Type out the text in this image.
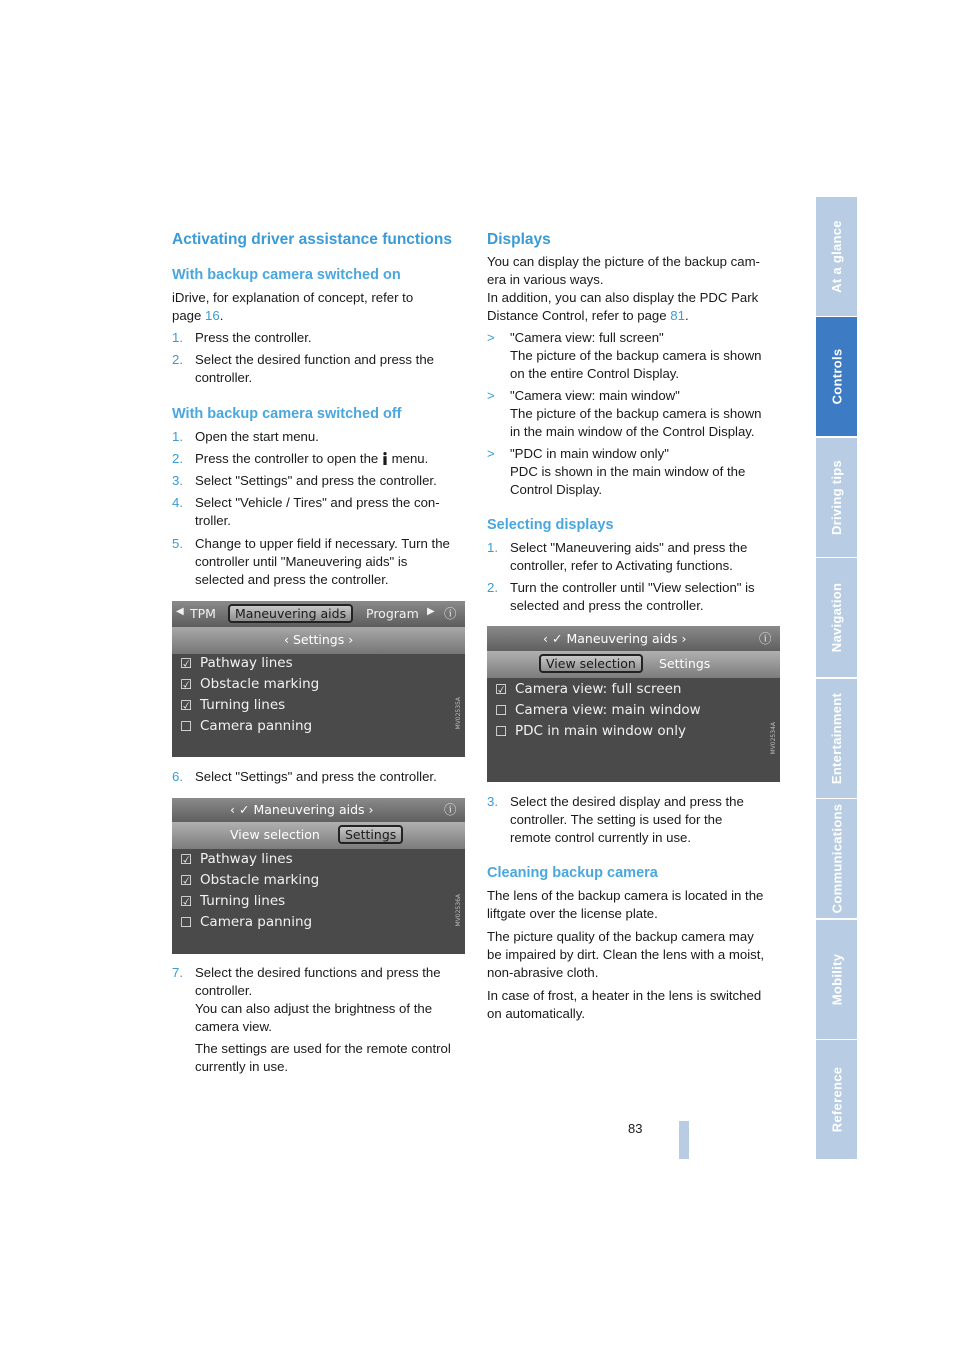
Activating driver assistance functions
With backup camera switched on
iDrive, for explanation of concept, refer to
page 16.
1. Press the controller.
2. Select the desired function and press the
controller.
With backup camera switched off
1. Open the start menu.
2. Press the controller to open the menu.
3. Select "Settings" and press the controller.
4. Select "Vehicle / Tires" and press the con-
troller.
5. Change to upper field if necessary. Turn the
controller until "Maneuvering aids" is
selected and press the controller.
◀ TPM	Maneuvering aids	Program ▶ ⓘ
‹ Settings ›
☑ Pathway lines
☑ Obstacle marking
☑ Turning lines
☐ Camera panning	MV02535A
6. Select "Settings" and press the controller.
‹ ✓ Maneuvering aids ›	ⓘ
View selection	Settings
☑ Pathway lines
☑ Obstacle marking
☑ Turning lines
☐ Camera panning	MV02536A
7. Select the desired functions and press the
controller.
You can also adjust the brightness of the
camera view.
The settings are used for the remote control
currently in use.
Displays
You can display the picture of the backup cam-
era in various ways.
In addition, you can also display the PDC Park
Distance Control, refer to page 81.
> "Camera view: full screen"
The picture of the backup camera is shown
on the entire Control Display.
> "Camera view: main window"
The picture of the backup camera is shown
in the main window of the Control Display.
> "PDC in main window only"
PDC is shown in the main window of the
Control Display.
Selecting displays
1. Select "Maneuvering aids" and press the
controller, refer to Activating functions.
2. Turn the controller until "View selection" is
selected and press the controller.
‹ ✓ Maneuvering aids ›	ⓘ
View selection	Settings
☑ Camera view: full screen
☐ Camera view: main window
☐ PDC in main window only	MV02534A
3. Select the desired display and press the
controller. The setting is used for the
remote control currently in use.
Cleaning backup camera
The lens of the backup camera is located in the
liftgate over the license plate.
The picture quality of the backup camera may
be impaired by dirt. Clean the lens with a moist,
non-abrasive cloth.
In case of frost, a heater in the lens is switched
on automatically.
At a glance
Controls
Driving tips
Navigation
Entertainment
Communications
Mobility
Reference
83
